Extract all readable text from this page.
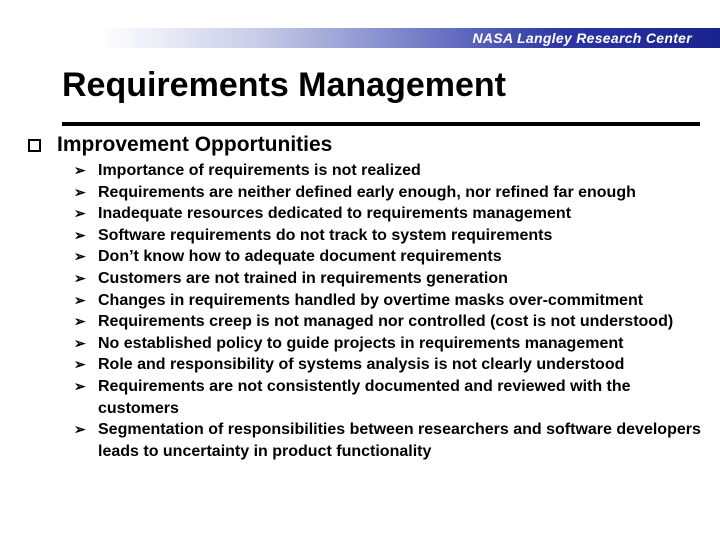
NASA Langley Research Center
Requirements Management
Improvement Opportunities
➢ Importance of requirements is not realized
➢ Requirements are neither defined early enough, nor refined far enough
➢ Inadequate resources dedicated to requirements management
➢ Software requirements do not track to system requirements
➢ Don’t know how to adequate document requirements
➢ Customers are not trained in requirements generation
➢ Changes in requirements handled by overtime masks over-commitment
➢ Requirements creep is not managed nor controlled (cost is not understood)
➢ No established policy to guide projects in requirements management
➢ Role and responsibility of systems analysis is not clearly understood
➢ Requirements are not consistently documented and reviewed with the customers
➢ Segmentation of responsibilities between researchers and software developers leads to uncertainty in product functionality
